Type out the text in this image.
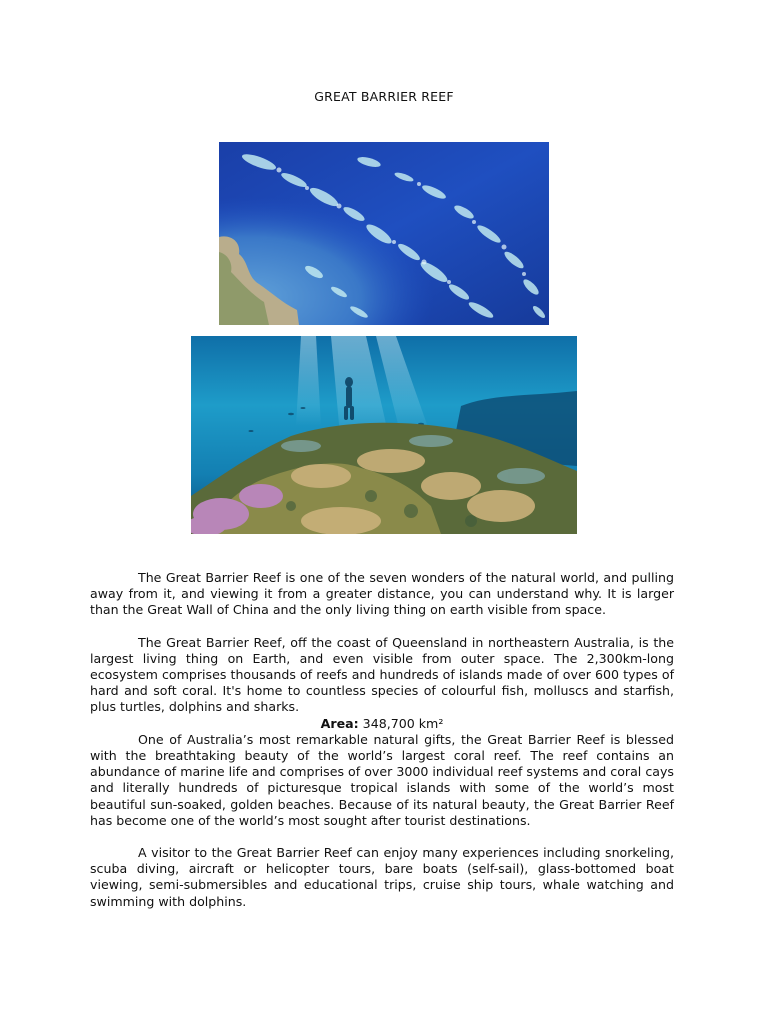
GREAT BARRIER REEF

The Great Barrier Reef is one of the seven wonders of the natural world, and pulling away from it, and viewing it from a greater distance, you can understand why. It is larger than the Great Wall of China and the only living thing on earth visible from space.

The Great Barrier Reef, off the coast of Queensland in northeastern Australia, is the largest living thing on Earth, and even visible from outer space. The 2,300km-long ecosystem comprises thousands of reefs and hundreds of islands made of over 600 types of hard and soft coral. It's home to countless species of colourful fish, molluscs and starfish, plus turtles, dolphins and sharks.

Area: 348,700 km²

One of Australia’s most remarkable natural gifts, the Great Barrier Reef is blessed with the breathtaking beauty of the world’s largest coral reef. The reef contains an abundance of marine life and comprises of over 3000 individual reef systems and coral cays and literally hundreds of picturesque tropical islands with some of the world’s most beautiful sun-soaked, golden beaches. Because of its natural beauty, the Great Barrier Reef has become one of the world’s most sought after tourist destinations.

A visitor to the Great Barrier Reef can enjoy many experiences including snorkeling, scuba diving, aircraft or helicopter tours, bare boats (self-sail), glass-bottomed boat viewing, semi-submersibles and educational trips, cruise ship tours, whale watching and swimming with dolphins.
